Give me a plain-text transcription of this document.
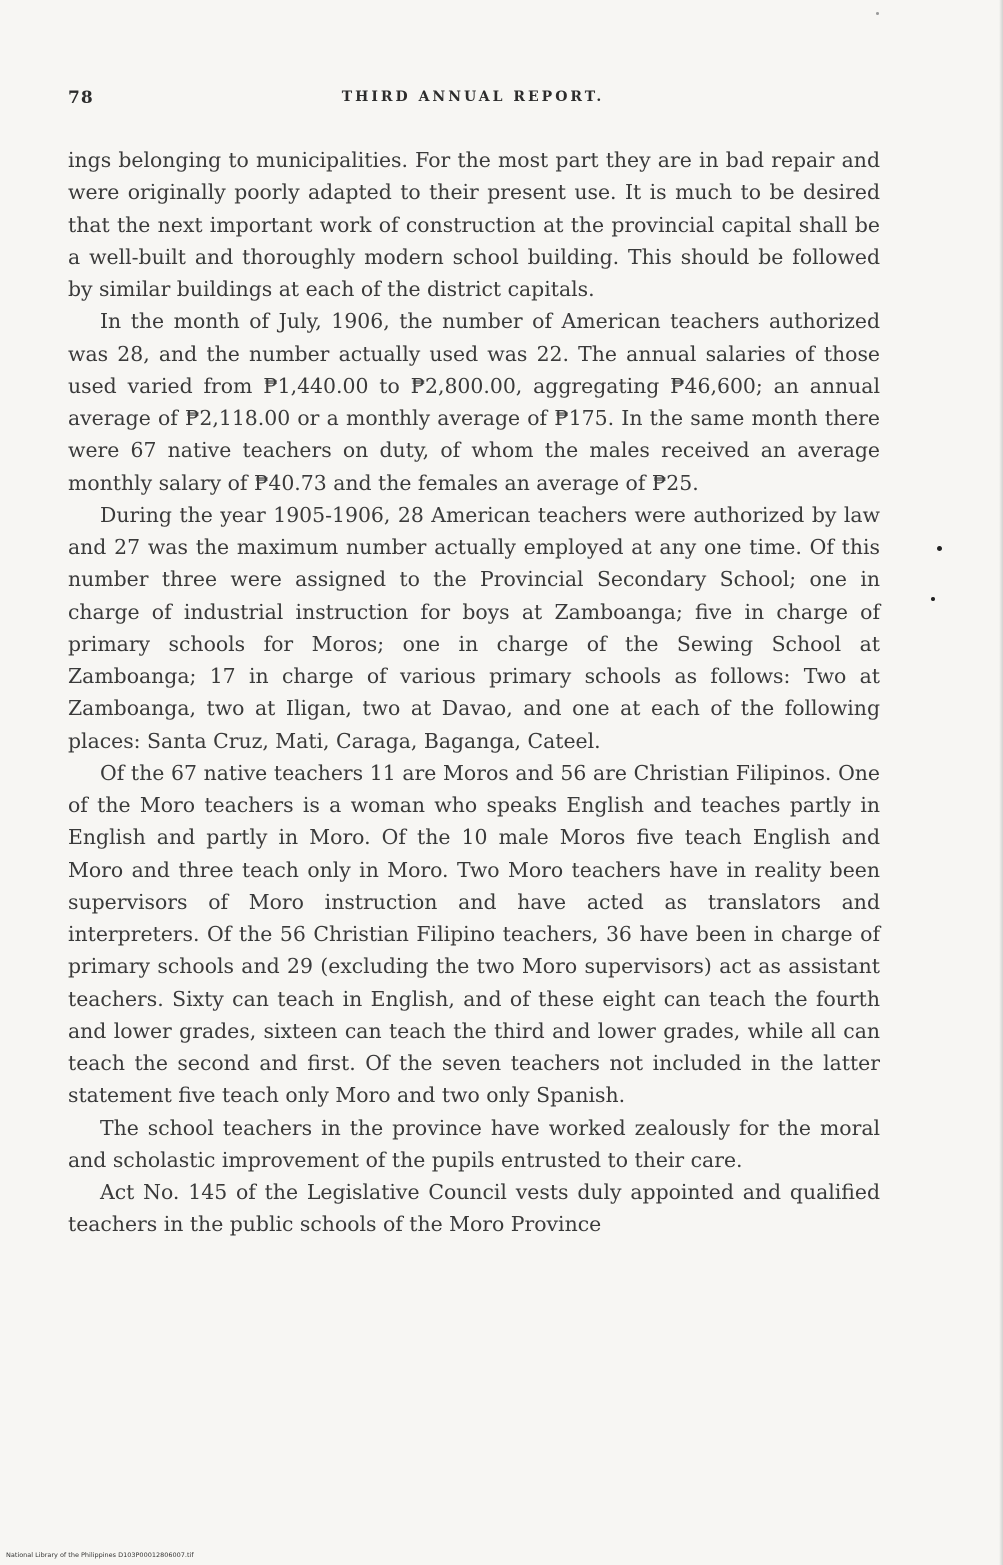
78	THIRD ANNUAL REPORT.

ings belonging to municipalities. For the most part they are in bad repair and were originally poorly adapted to their present use. It is much to be desired that the next important work of construction at the provincial capital shall be a well-built and thoroughly modern school building. This should be followed by similar buildings at each of the district capitals.

In the month of July, 1906, the number of American teachers authorized was 28, and the number actually used was 22. The annual salaries of those used varied from ₱1,440.00 to ₱2,800.00, aggregating ₱46,600; an annual average of ₱2,118.00 or a monthly average of ₱175. In the same month there were 67 native teachers on duty, of whom the males received an average monthly salary of ₱40.73 and the females an average of ₱25.

During the year 1905-1906, 28 American teachers were authorized by law and 27 was the maximum number actually employed at any one time. Of this number three were assigned to the Provincial Secondary School; one in charge of industrial instruction for boys at Zamboanga; five in charge of primary schools for Moros; one in charge of the Sewing School at Zamboanga; 17 in charge of various primary schools as follows: Two at Zamboanga, two at Iligan, two at Davao, and one at each of the following places: Santa Cruz, Mati, Caraga, Baganga, Cateel.

Of the 67 native teachers 11 are Moros and 56 are Christian Filipinos. One of the Moro teachers is a woman who speaks English and teaches partly in English and partly in Moro. Of the 10 male Moros five teach English and Moro and three teach only in Moro. Two Moro teachers have in reality been supervisors of Moro instruction and have acted as translators and interpreters. Of the 56 Christian Filipino teachers, 36 have been in charge of primary schools and 29 (excluding the two Moro supervisors) act as assistant teachers. Sixty can teach in English, and of these eight can teach the fourth and lower grades, sixteen can teach the third and lower grades, while all can teach the second and first. Of the seven teachers not included in the latter statement five teach only Moro and two only Spanish.

The school teachers in the province have worked zealously for the moral and scholastic improvement of the pupils entrusted to their care.

Act No. 145 of the Legislative Council vests duly appointed and qualified teachers in the public schools of the Moro Province

National Library of the Philippines D103P00012806007.tif
